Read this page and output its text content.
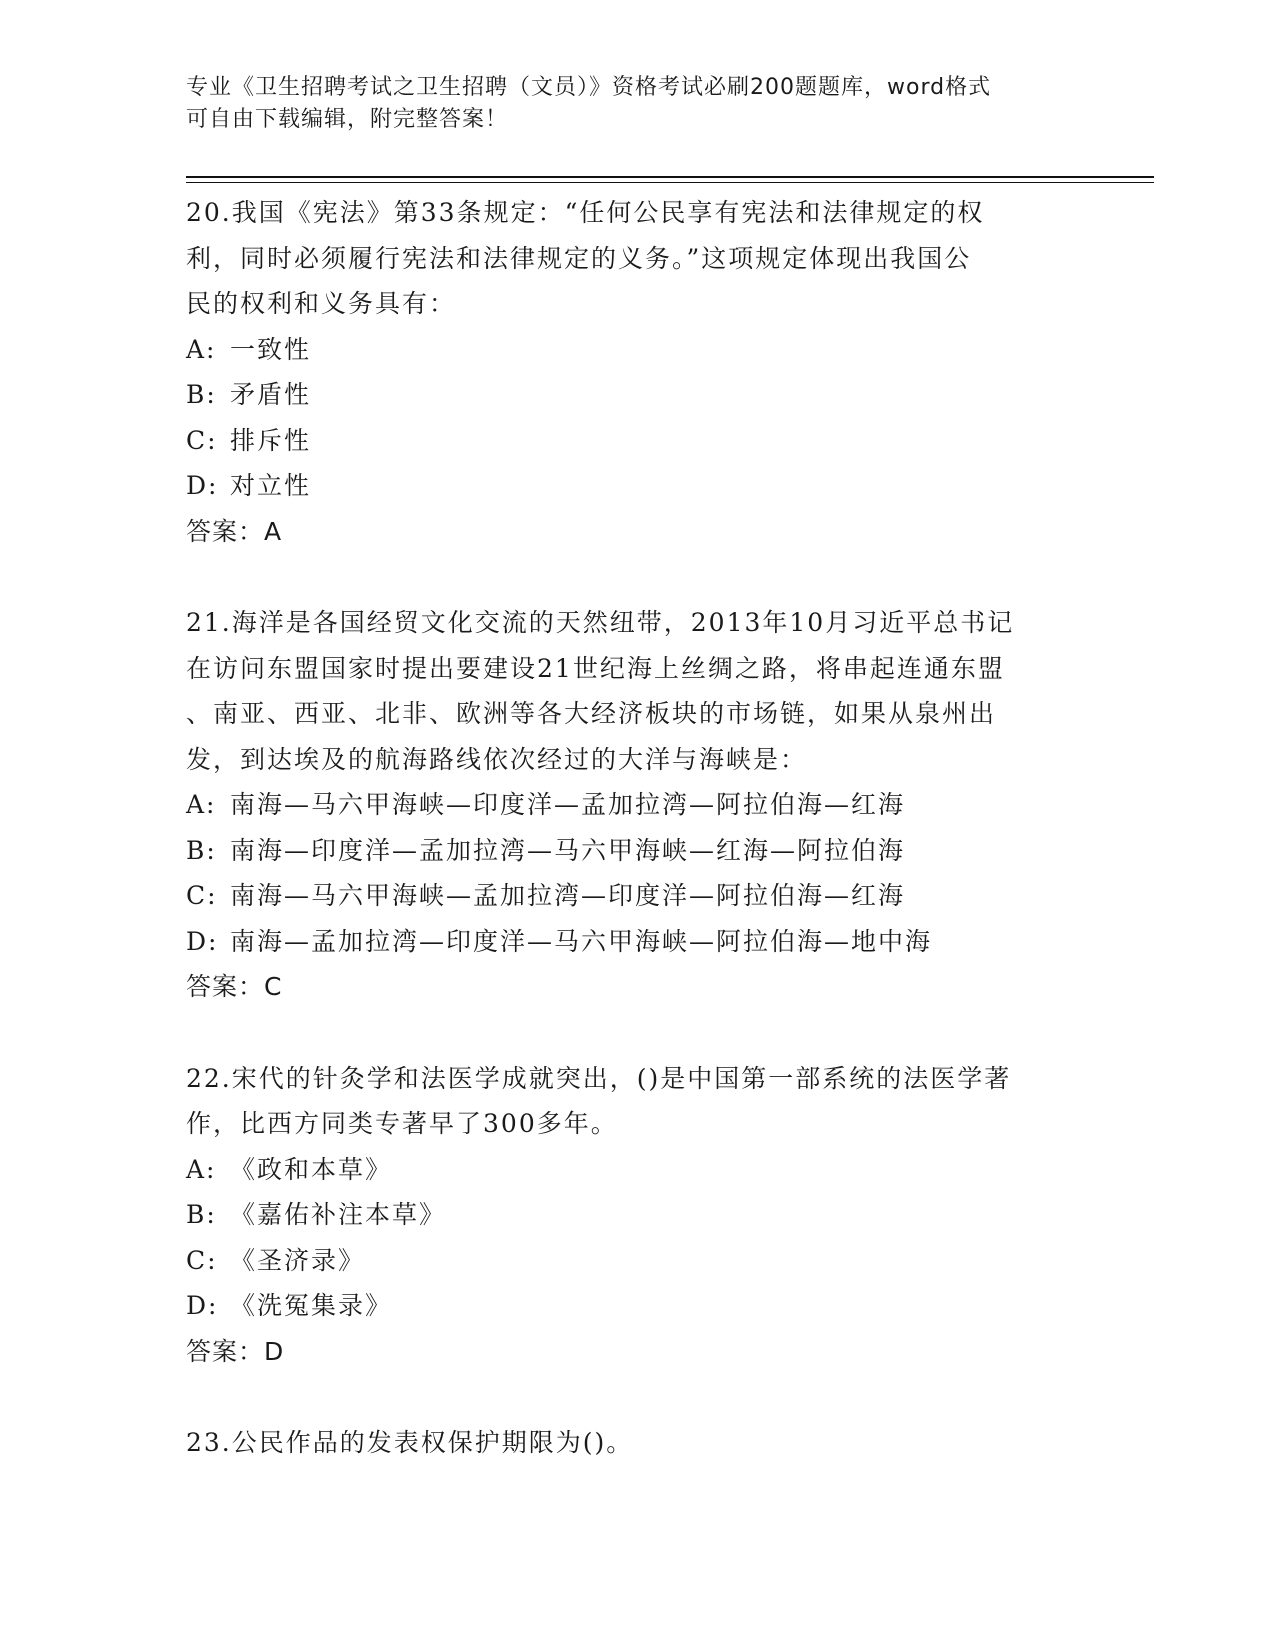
专业《卫生招聘考试之卫生招聘（文员）》资格考试必刷200题题库，word格式
可自由下载编辑，附完整答案！
20.我国《宪法》第33条规定：“任何公民享有宪法和法律规定的权
利，同时必须履行宪法和法律规定的义务。”这项规定体现出我国公
民的权利和义务具有：
A: 一致性
B: 矛盾性
C: 排斥性
D: 对立性
答案：A
21.海洋是各国经贸文化交流的天然纽带，2013年10月习近平总书记
在访问东盟国家时提出要建设21世纪海上丝绸之路，将串起连通东盟
、南亚、西亚、北非、欧洲等各大经济板块的市场链，如果从泉州出
发，到达埃及的航海路线依次经过的大洋与海峡是：
A: 南海—马六甲海峡—印度洋—孟加拉湾—阿拉伯海—红海
B: 南海—印度洋—孟加拉湾—马六甲海峡—红海—阿拉伯海
C: 南海—马六甲海峡—孟加拉湾—印度洋—阿拉伯海—红海
D: 南海—孟加拉湾—印度洋—马六甲海峡—阿拉伯海—地中海
答案：C
22.宋代的针灸学和法医学成就突出，()是中国第一部系统的法医学著
作，比西方同类专著早了300多年。
A: 《政和本草》
B: 《嘉佑补注本草》
C: 《圣济录》
D: 《洗冤集录》
答案：D
23.公民作品的发表权保护期限为()。
